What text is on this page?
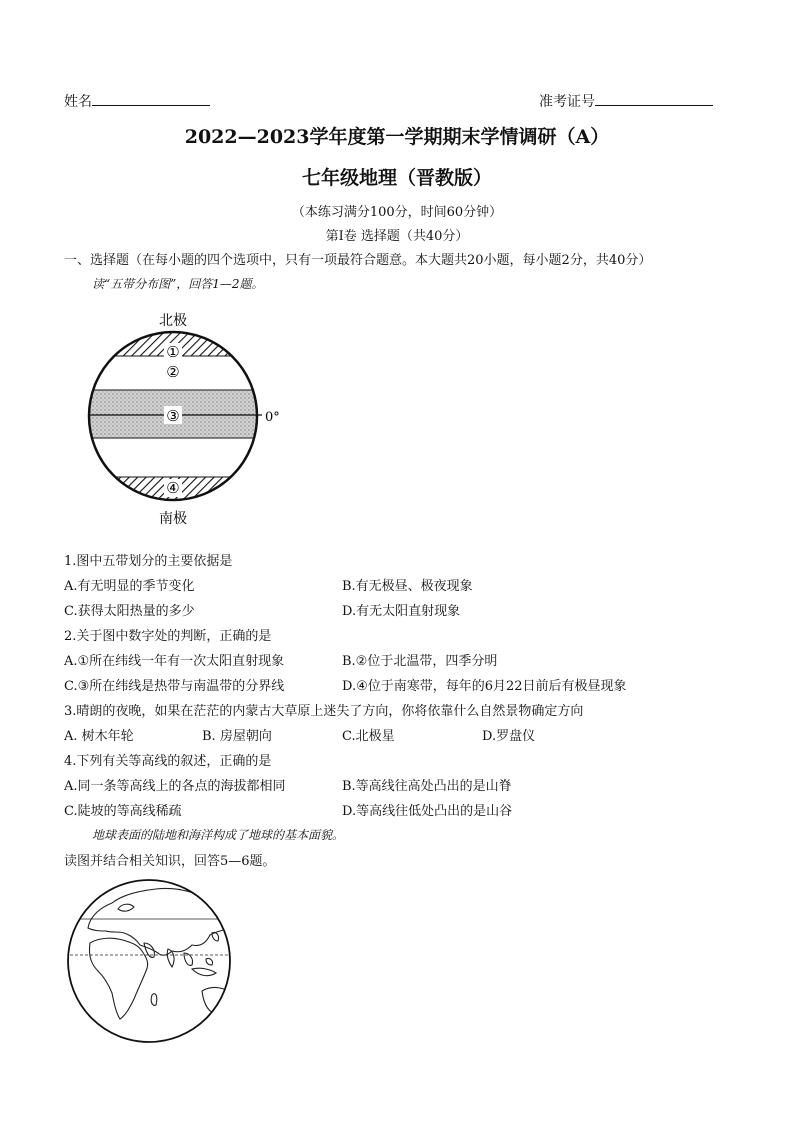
姓名	准考证号
2022—2023学年度第一学期期末学情调研（A）
七年级地理（晋教版）
（本练习满分100分，时间60分钟）
第Ⅰ卷 选择题（共40分）
一、选择题（在每小题的四个选项中，只有一项最符合题意。本大题共20小题，每小题2分，共40分）
读“五带分布图”，回答1—2题。
北极
南极
0°
①
②
③
④
1.图中五带划分的主要依据是
A.有无明显的季节变化	B.有无极昼、极夜现象
C.获得太阳热量的多少	D.有无太阳直射现象
2.关于图中数字处的判断，正确的是
A.①所在纬线一年有一次太阳直射现象	B.②位于北温带，四季分明
C.③所在纬线是热带与南温带的分界线	D.④位于南寒带，每年的6月22日前后有极昼现象
3.晴朗的夜晚，如果在茫茫的内蒙古大草原上迷失了方向，你将依靠什么自然景物确定方向
A. 树木年轮	B. 房屋朝向	C.北极星	D.罗盘仪
4.下列有关等高线的叙述，正确的是
A.同一条等高线上的各点的海拔都相同	B.等高线往高处凸出的是山脊
C.陡坡的等高线稀疏	D.等高线往低处凸出的是山谷
地球表面的陆地和海洋构成了地球的基本面貌。
读图并结合相关知识，回答5—6题。
